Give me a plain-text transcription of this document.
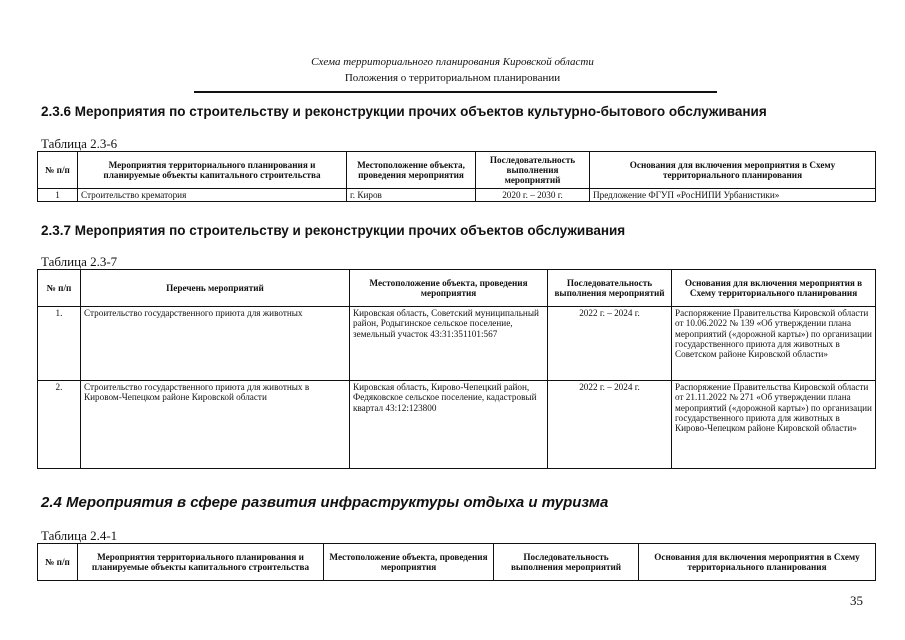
Схема территориального планирования Кировской области
Положения о территориальном планировании
2.3.6 Мероприятия по строительству и реконструкции прочих объектов культурно-бытового обслуживания
Таблица 2.3-6
№ п/п	Мероприятия территориального планирования и планируемые объекты капитального строительства	Местоположение объекта, проведения мероприятия	Последовательность выполнения мероприятий	Основания для включения мероприятия в Схему территориального планирования
1	Строительство крематория	г. Киров	2020 г. – 2030 г.	Предложение ФГУП «РосНИПИ Урбанистики»
2.3.7 Мероприятия по строительству и реконструкции прочих объектов обслуживания
Таблица 2.3-7
№ п/п	Перечень мероприятий	Местоположение объекта, проведения мероприятия	Последовательность выполнения мероприятий	Основания для включения мероприятия в Схему территориального планирования
1.	Строительство государственного приюта для животных	Кировская область, Советский муниципальный район, Родыгинское сельское поселение, земельный участок 43:31:351101:567	2022 г. – 2024 г.	Распоряжение Правительства Кировской области от 10.06.2022 № 139 «Об утверждении плана мероприятий («дорожной карты») по организации государственного приюта для животных в Советском районе Кировской области»
2.	Строительство государственного приюта для животных в Кировом-Чепецком районе Кировской области	Кировская область, Кирово-Чепецкий район, Федяковское сельское поселение, кадастровый квартал 43:12:123800	2022 г. – 2024 г.	Распоряжение Правительства Кировской области от 21.11.2022 № 271 «Об утверждении плана мероприятий («дорожной карты») по организации государственного приюта для животных в Кирово-Чепецком районе Кировской области»
2.4 Мероприятия в сфере развития инфраструктуры отдыха и туризма
Таблица 2.4-1
№ п/п	Мероприятия территориального планирования и планируемые объекты капитального строительства	Местоположение объекта, проведения мероприятия	Последовательность выполнения мероприятий	Основания для включения мероприятия в Схему территориального планирования
35
